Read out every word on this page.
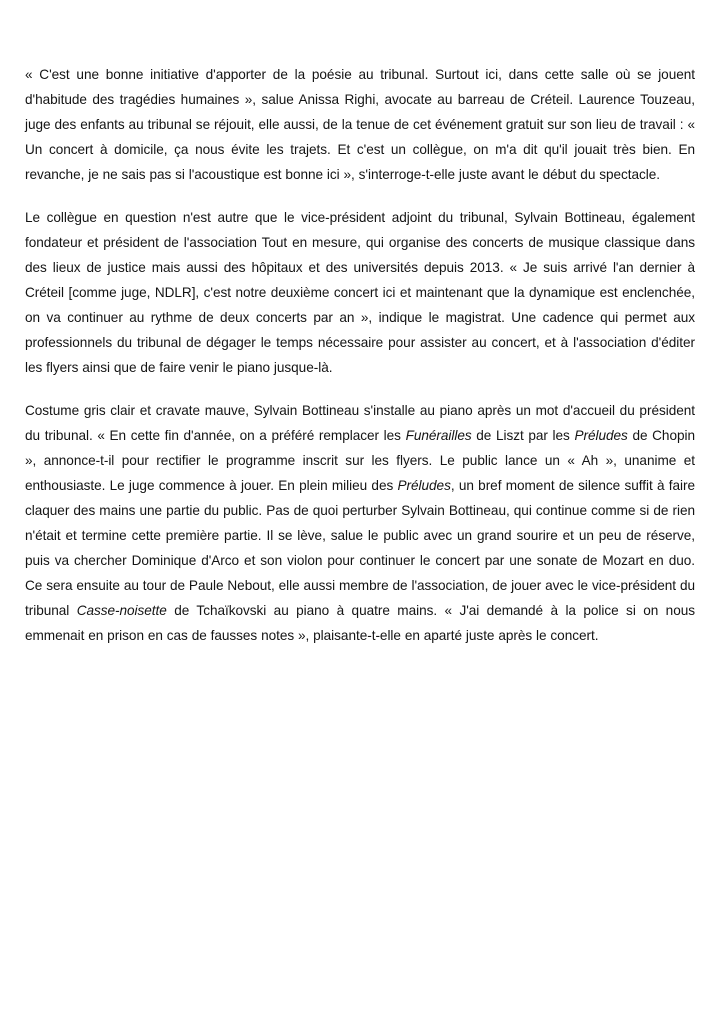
« C'est une bonne initiative d'apporter de la poésie au tribunal. Surtout ici, dans cette salle où se jouent d'habitude des tragédies humaines », salue Anissa Righi, avocate au barreau de Créteil. Laurence Touzeau, juge des enfants au tribunal se réjouit, elle aussi, de la tenue de cet événement gratuit sur son lieu de travail : « Un concert à domicile, ça nous évite les trajets. Et c'est un collègue, on m'a dit qu'il jouait très bien. En revanche, je ne sais pas si l'acoustique est bonne ici », s'interroge-t-elle juste avant le début du spectacle.

Le collègue en question n'est autre que le vice-président adjoint du tribunal, Sylvain Bottineau, également fondateur et président de l'association Tout en mesure, qui organise des concerts de musique classique dans des lieux de justice mais aussi des hôpitaux et des universités depuis 2013. « Je suis arrivé l'an dernier à Créteil [comme juge, NDLR], c'est notre deuxième concert ici et maintenant que la dynamique est enclenchée, on va continuer au rythme de deux concerts par an », indique le magistrat. Une cadence qui permet aux professionnels du tribunal de dégager le temps nécessaire pour assister au concert, et à l'association d'éditer les flyers ainsi que de faire venir le piano jusque-là.

Costume gris clair et cravate mauve, Sylvain Bottineau s'installe au piano après un mot d'accueil du président du tribunal. « En cette fin d'année, on a préféré remplacer les Funérailles de Liszt par les Préludes de Chopin », annonce-t-il pour rectifier le programme inscrit sur les flyers. Le public lance un « Ah », unanime et enthousiaste. Le juge commence à jouer. En plein milieu des Préludes, un bref moment de silence suffit à faire claquer des mains une partie du public. Pas de quoi perturber Sylvain Bottineau, qui continue comme si de rien n'était et termine cette première partie. Il se lève, salue le public avec un grand sourire et un peu de réserve, puis va chercher Dominique d'Arco et son violon pour continuer le concert par une sonate de Mozart en duo. Ce sera ensuite au tour de Paule Nebout, elle aussi membre de l'association, de jouer avec le vice-président du tribunal Casse-noisette de Tchaïkovski au piano à quatre mains. « J'ai demandé à la police si on nous emmenait en prison en cas de fausses notes », plaisante-t-elle en aparté juste après le concert.
